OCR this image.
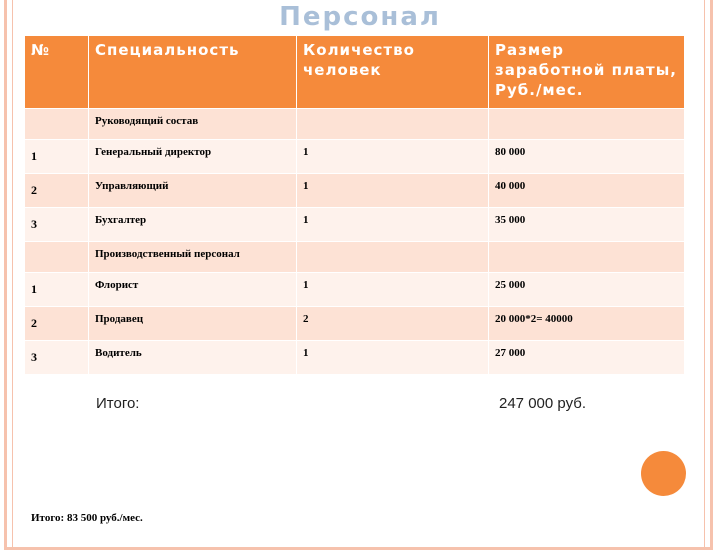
Персонал
№	Специальность	Количество человек	Размер заработной платы, Руб./мес.
	Руководящий состав		
1	Генеральный директор	1	80 000
2	Управляющий	1	40 000
3	Бухгалтер	1	35 000
	Производственный персонал		
1	Флорист	1	25 000
2	Продавец	2	20 000*2= 40000
3	Водитель	1	27 000
Итого:	247 000 руб.
Итого: 83 500 руб./мес.
